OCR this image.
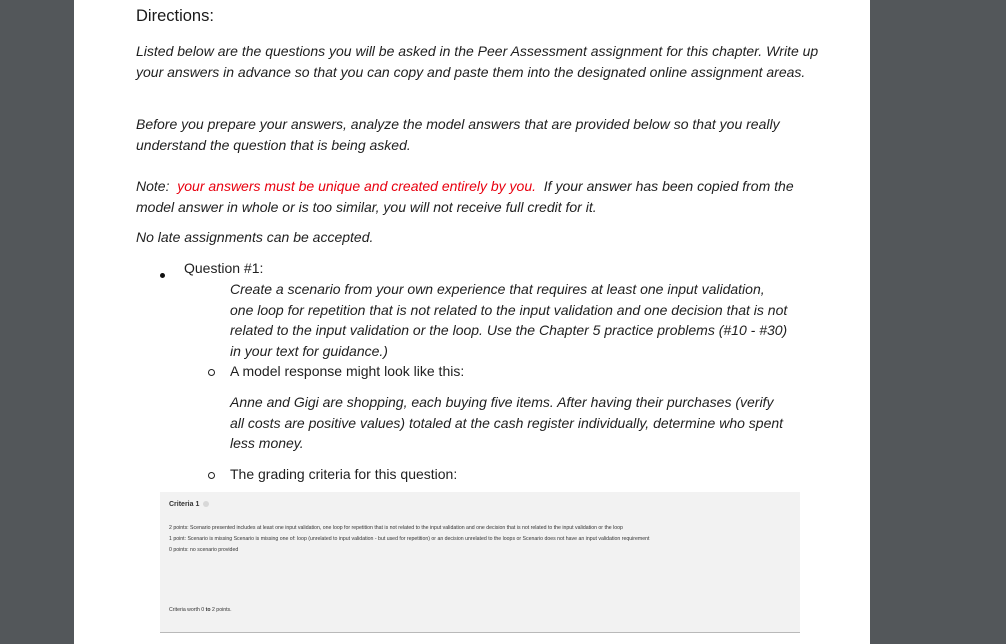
Directions:
Listed below are the questions you will be asked in the Peer Assessment assignment for this chapter. Write up your answers in advance so that you can copy and paste them into the designated online assignment areas.
Before you prepare your answers, analyze the model answers that are provided below so that you really understand the question that is being asked.
Note: your answers must be unique and created entirely by you. If your answer has been copied from the model answer in whole or is too similar, you will not receive full credit for it.
No late assignments can be accepted.
Question #1:
Create a scenario from your own experience that requires at least one input validation, one loop for repetition that is not related to the input validation and one decision that is not related to the input validation or the loop. Use the Chapter 5 practice problems (#10 - #30) in your text for guidance.)
A model response might look like this:
Anne and Gigi are shopping, each buying five items. After having their purchases (verify all costs are positive values) totaled at the cash register individually, determine who spent less money.
The grading criteria for this question:
Criteria 1
2 points: Scenario presented includes at least one input validation, one loop for repetition that is not related to the input validation and one decision that is not related to the input validation or the loop
1 point: Scenario is missing Scenario is missing one of: loop (unrelated to input validation - but used for repetition) or an decision unrelated to the loops or Scenario does not have an input validation requirement
0 points: no scenario provided
Criteria worth 0 to 2 points.
